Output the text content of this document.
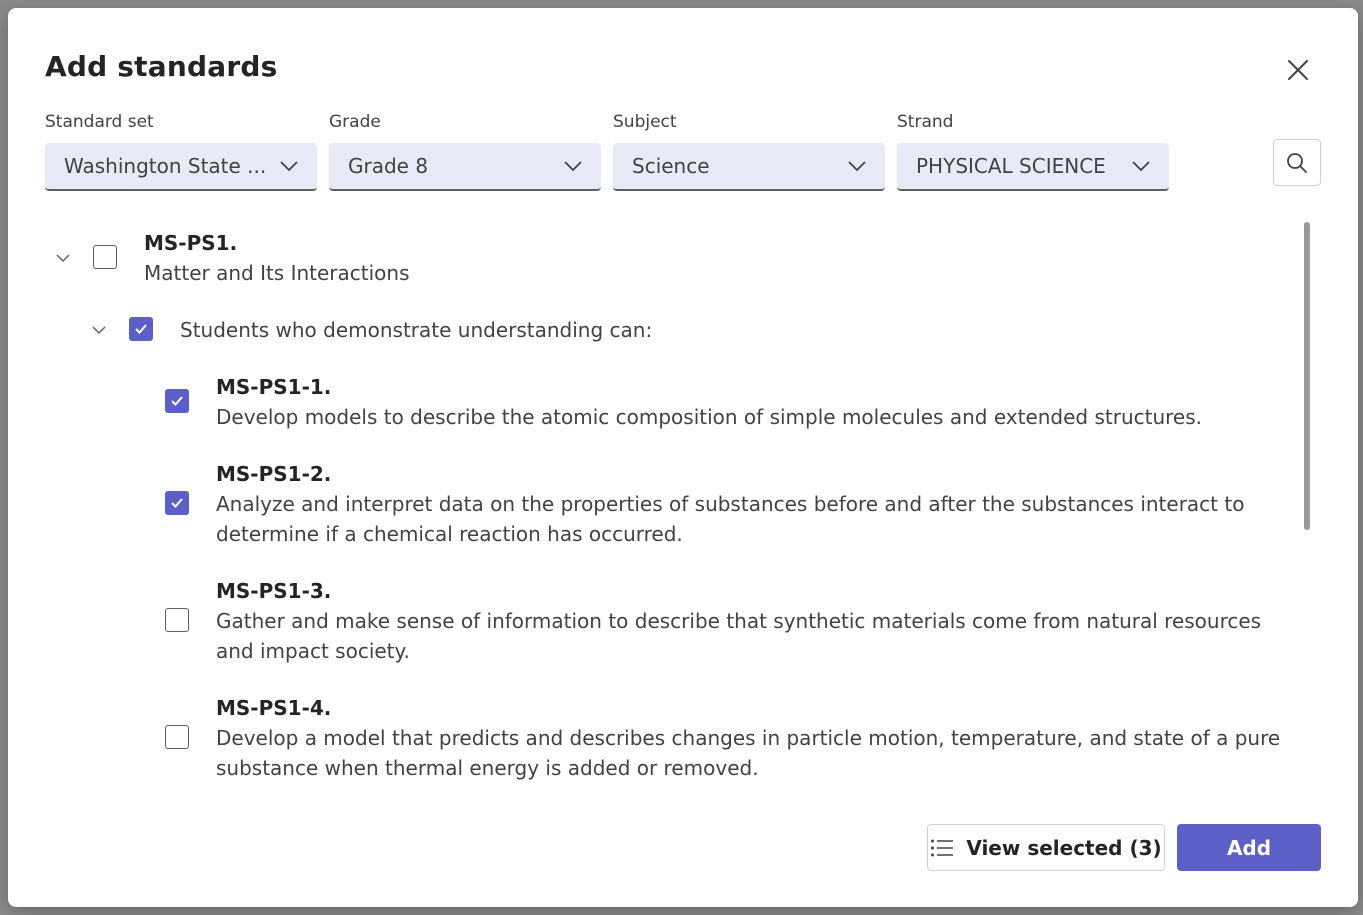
Add standards
Standard set
Washington State ...
Grade
Grade 8
Subject
Science
Strand
PHYSICAL SCIENCE
MS-PS1.
Matter and Its Interactions
Students who demonstrate understanding can:
MS-PS1-1.
Develop models to describe the atomic composition of simple molecules and extended structures.
MS-PS1-2.
Analyze and interpret data on the properties of substances before and after the substances interact to determine if a chemical reaction has occurred.
MS-PS1-3.
Gather and make sense of information to describe that synthetic materials come from natural resources and impact society.
MS-PS1-4.
Develop a model that predicts and describes changes in particle motion, temperature, and state of a pure substance when thermal energy is added or removed.
View selected (3)	Add
